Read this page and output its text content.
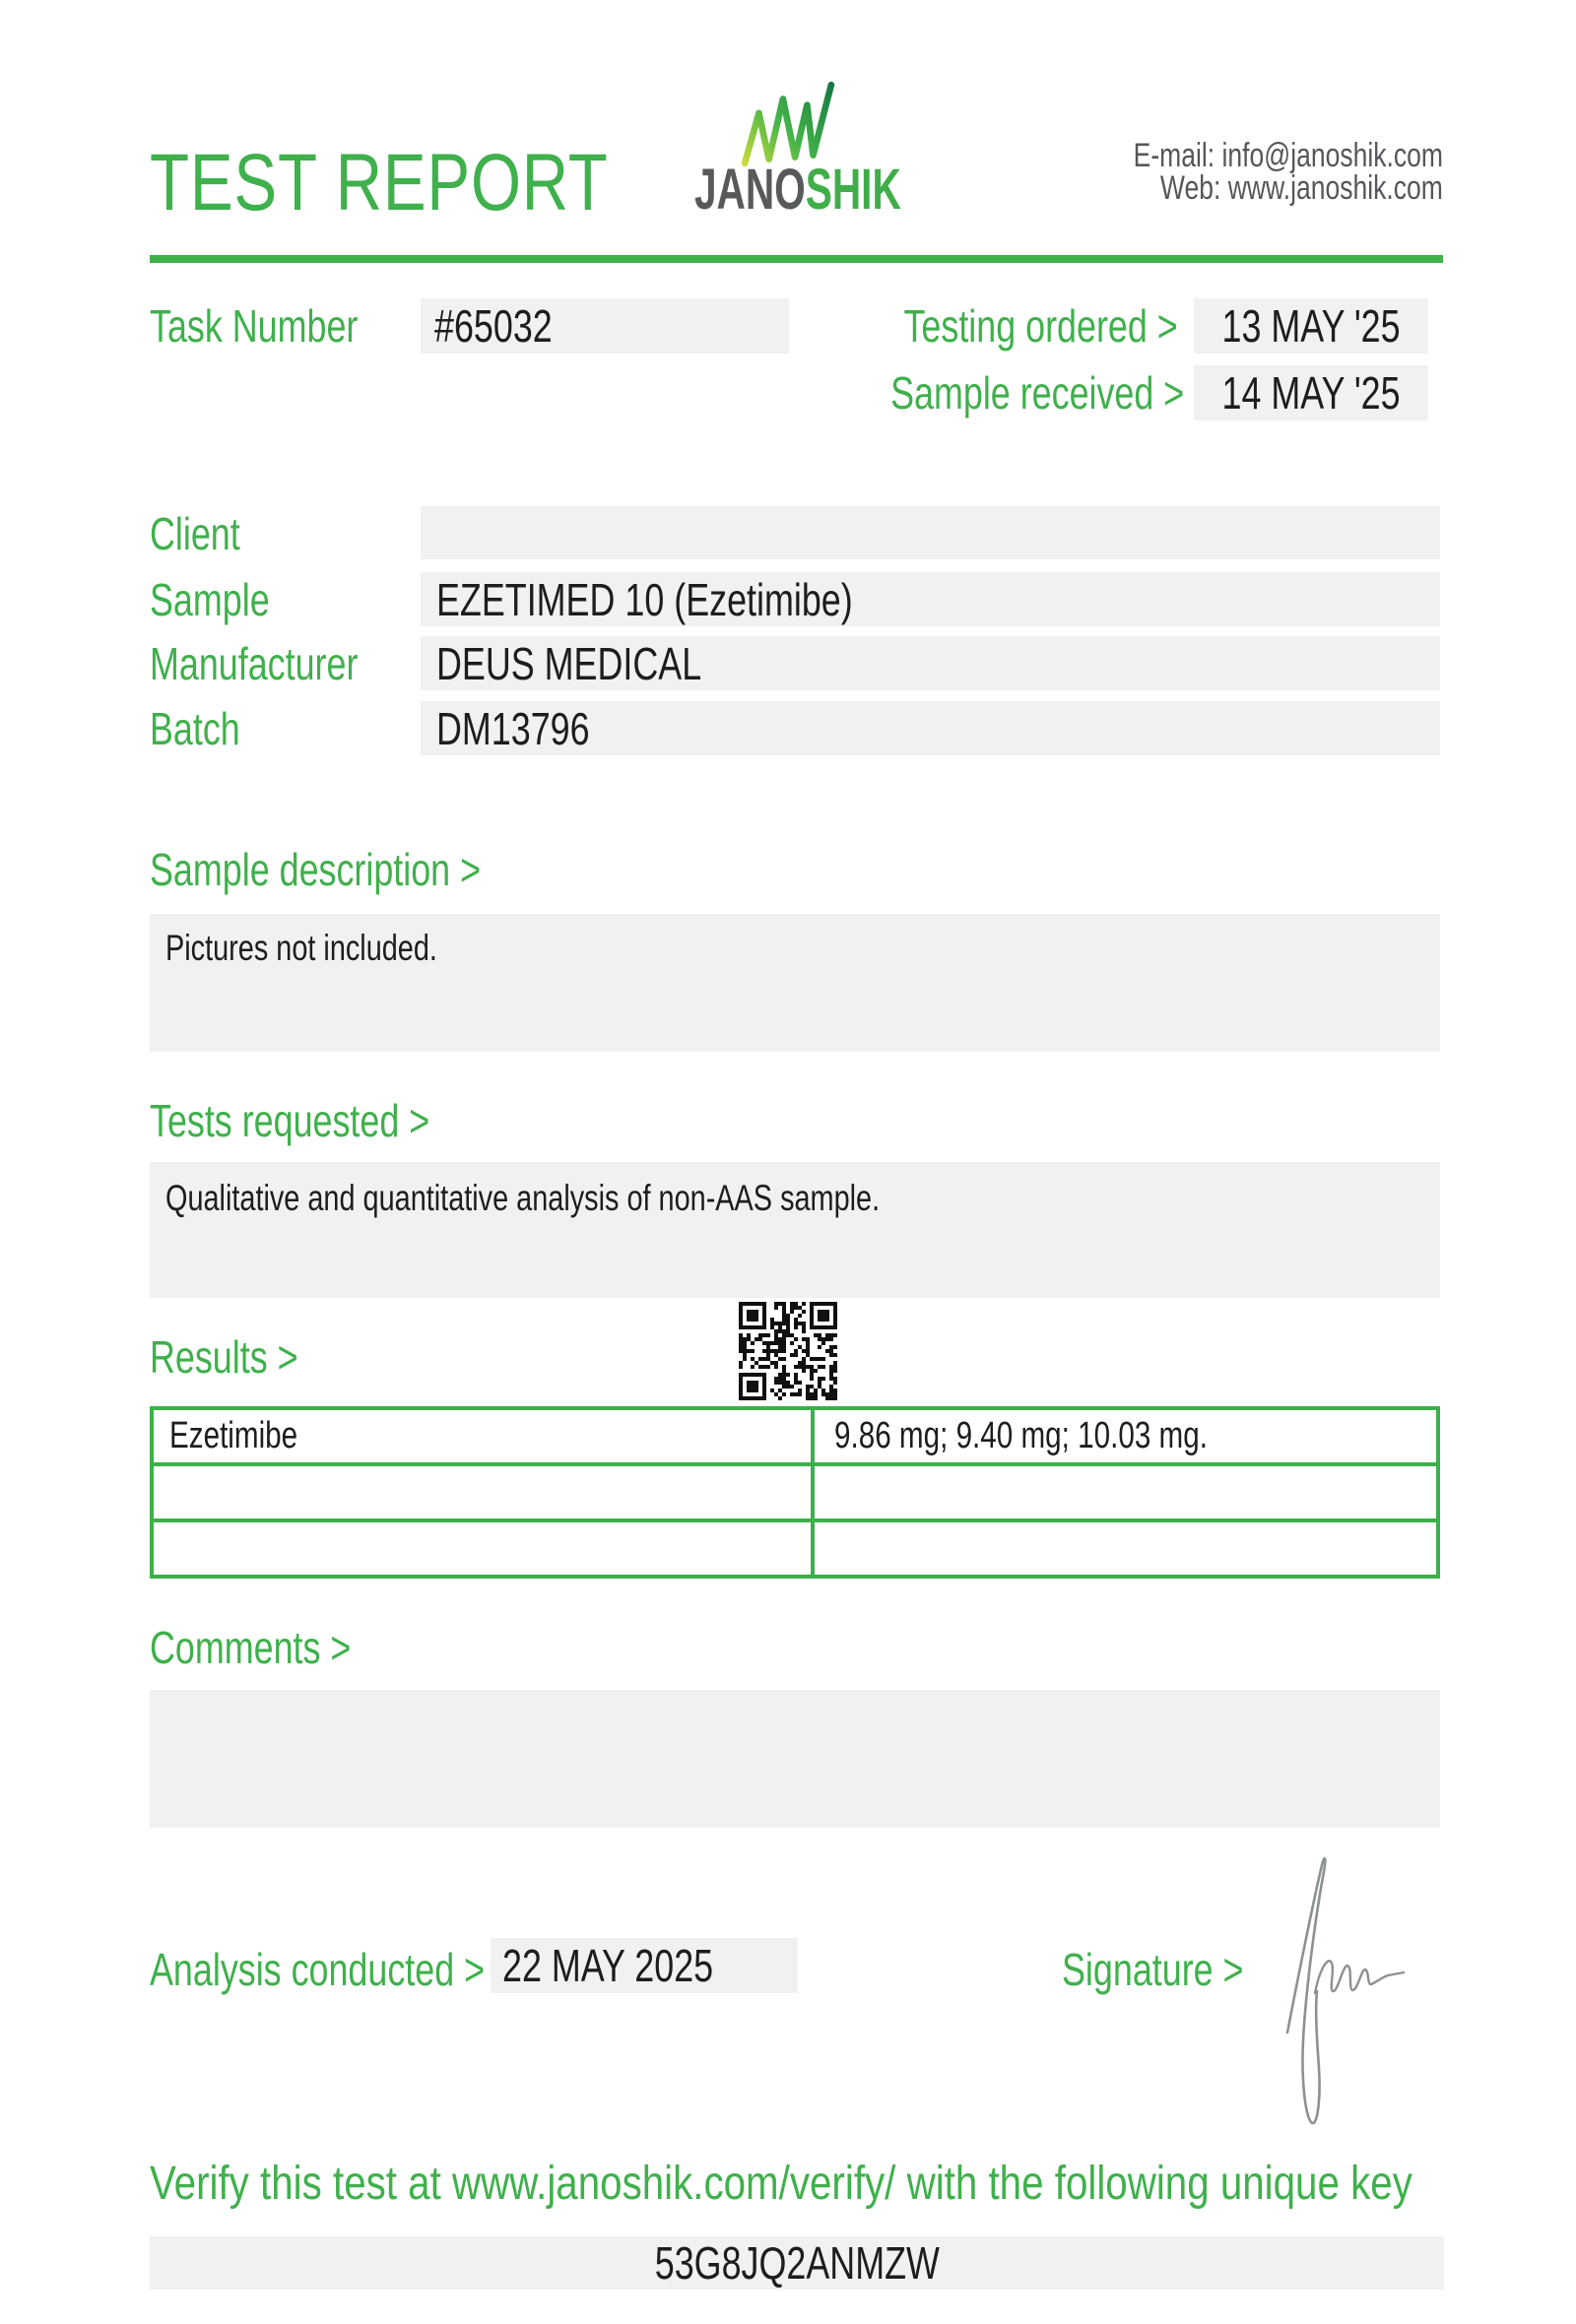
TEST REPORT	JANOSHIK
E-mail: info@janoshik.com
Web: www.janoshik.com
Task Number	#65032	Testing ordered > 13 MAY '25
Sample received > 14 MAY '25
Client
Sample	EZETIMED 10 (Ezetimibe)
Manufacturer	DEUS MEDICAL
Batch	DM13796
Sample description >
Pictures not included.
Tests requested >
Qualitative and quantitative analysis of non-AAS sample.
Results >
Ezetimibe	9.86 mg; 9.40 mg; 10.03 mg.
Comments >
Analysis conducted > 22 MAY 2025	Signature >
Verify this test at www.janoshik.com/verify/ with the following unique key
53G8JQ2ANMZW
